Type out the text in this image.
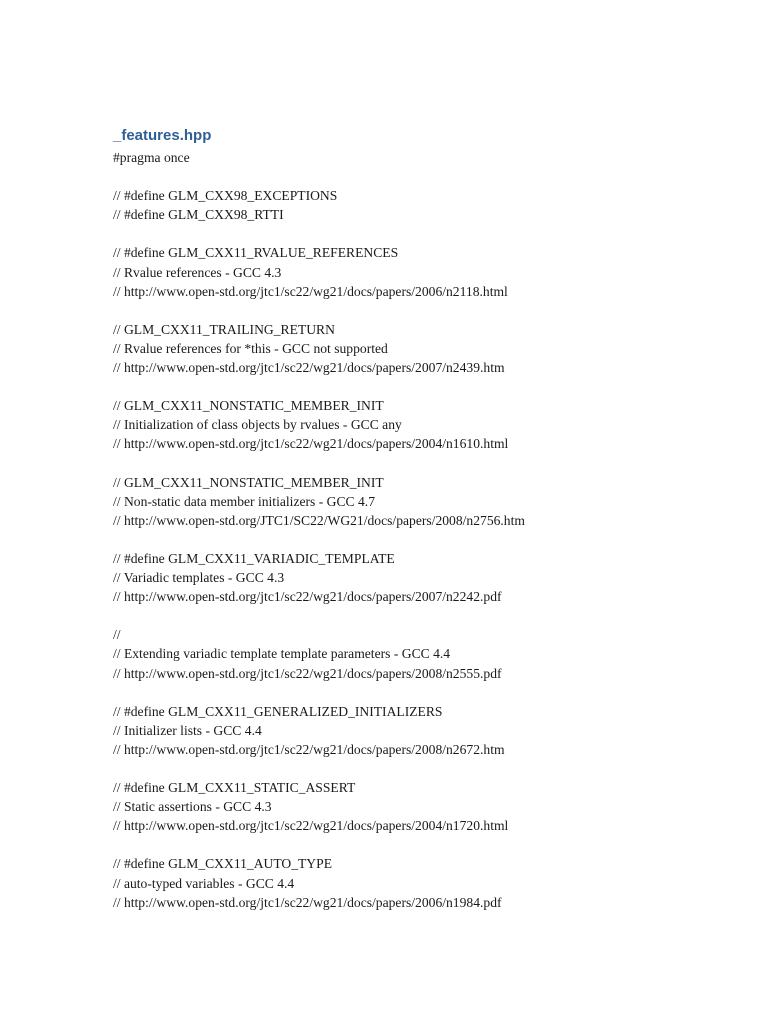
_features.hpp
#pragma once
// #define GLM_CXX98_EXCEPTIONS
// #define GLM_CXX98_RTTI
// #define GLM_CXX11_RVALUE_REFERENCES
// Rvalue references - GCC 4.3
// http://www.open-std.org/jtc1/sc22/wg21/docs/papers/2006/n2118.html
// GLM_CXX11_TRAILING_RETURN
// Rvalue references for *this - GCC not supported
// http://www.open-std.org/jtc1/sc22/wg21/docs/papers/2007/n2439.htm
// GLM_CXX11_NONSTATIC_MEMBER_INIT
// Initialization of class objects by rvalues - GCC any
// http://www.open-std.org/jtc1/sc22/wg21/docs/papers/2004/n1610.html
// GLM_CXX11_NONSTATIC_MEMBER_INIT
// Non-static data member initializers - GCC 4.7
// http://www.open-std.org/JTC1/SC22/WG21/docs/papers/2008/n2756.htm
// #define GLM_CXX11_VARIADIC_TEMPLATE
// Variadic templates - GCC 4.3
// http://www.open-std.org/jtc1/sc22/wg21/docs/papers/2007/n2242.pdf
//
// Extending variadic template template parameters - GCC 4.4
// http://www.open-std.org/jtc1/sc22/wg21/docs/papers/2008/n2555.pdf
// #define GLM_CXX11_GENERALIZED_INITIALIZERS
// Initializer lists - GCC 4.4
// http://www.open-std.org/jtc1/sc22/wg21/docs/papers/2008/n2672.htm
// #define GLM_CXX11_STATIC_ASSERT
// Static assertions - GCC 4.3
// http://www.open-std.org/jtc1/sc22/wg21/docs/papers/2004/n1720.html
// #define GLM_CXX11_AUTO_TYPE
// auto-typed variables - GCC 4.4
// http://www.open-std.org/jtc1/sc22/wg21/docs/papers/2006/n1984.pdf
